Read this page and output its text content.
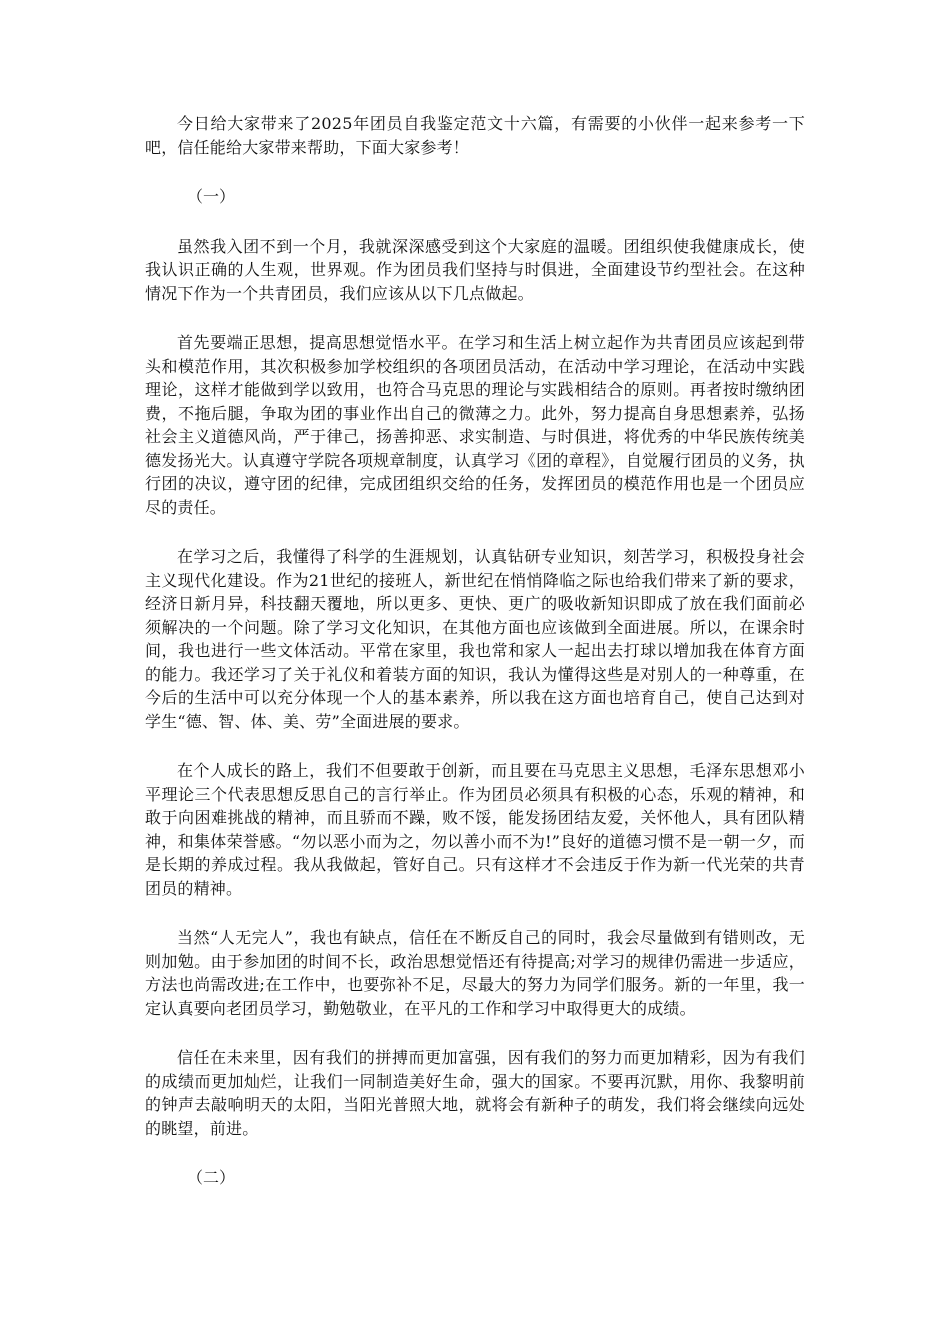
今日给大家带来了2025年团员自我鉴定范文十六篇，有需要的小伙伴一起来参考一下吧，信任能给大家带来帮助，下面大家参考！

（一）

虽然我入团不到一个月，我就深深感受到这个大家庭的温暖。团组织使我健康成长，使我认识正确的人生观，世界观。作为团员我们坚持与时俱进，全面建设节约型社会。在这种情况下作为一个共青团员，我们应该从以下几点做起。

首先要端正思想，提高思想觉悟水平。在学习和生活上树立起作为共青团员应该起到带头和模范作用，其次积极参加学校组织的各项团员活动，在活动中学习理论，在活动中实践理论，这样才能做到学以致用，也符合马克思的理论与实践相结合的原则。再者按时缴纳团费，不拖后腿，争取为团的事业作出自己的微薄之力。此外，努力提高自身思想素养，弘扬社会主义道德风尚，严于律己，扬善抑恶、求实制造、与时俱进，将优秀的中华民族传统美德发扬光大。认真遵守学院各项规章制度，认真学习《团的章程》，自觉履行团员的义务，执行团的决议，遵守团的纪律，完成团组织交给的任务，发挥团员的模范作用也是一个团员应尽的责任。

在学习之后，我懂得了科学的生涯规划，认真钻研专业知识，刻苦学习，积极投身社会主义现代化建设。作为21世纪的接班人，新世纪在悄悄降临之际也给我们带来了新的要求，经济日新月异，科技翻天覆地，所以更多、更快、更广的吸收新知识即成了放在我们面前必须解决的一个问题。除了学习文化知识，在其他方面也应该做到全面进展。所以，在课余时间，我也进行一些文体活动。平常在家里，我也常和家人一起出去打球以增加我在体育方面的能力。我还学习了关于礼仪和着装方面的知识，我认为懂得这些是对别人的一种尊重，在今后的生活中可以充分体现一个人的基本素养，所以我在这方面也培育自己，使自己达到对学生“德、智、体、美、劳”全面进展的要求。

在个人成长的路上，我们不但要敢于创新，而且要在马克思主义思想，毛泽东思想邓小平理论三个代表思想反思自己的言行举止。作为团员必须具有积极的心态，乐观的精神，和敢于向困难挑战的精神，而且骄而不躁，败不馁，能发扬团结友爱，关怀他人，具有团队精神，和集体荣誉感。“勿以恶小而为之，勿以善小而不为!”良好的道德习惯不是一朝一夕，而是长期的养成过程。我从我做起，管好自己。只有这样才不会违反于作为新一代光荣的共青团员的精神。

当然“人无完人”，我也有缺点，信任在不断反自己的同时，我会尽量做到有错则改，无则加勉。由于参加团的时间不长，政治思想觉悟还有待提高;对学习的规律仍需进一步适应，方法也尚需改进;在工作中，也要弥补不足，尽最大的努力为同学们服务。新的一年里，我一定认真要向老团员学习，勤勉敬业，在平凡的工作和学习中取得更大的成绩。

信任在未来里，因有我们的拼搏而更加富强，因有我们的努力而更加精彩，因为有我们的成绩而更加灿烂，让我们一同制造美好生命，强大的国家。不要再沉默，用你、我黎明前的钟声去敲响明天的太阳，当阳光普照大地，就将会有新种子的萌发，我们将会继续向远处的眺望，前进。

（二）
